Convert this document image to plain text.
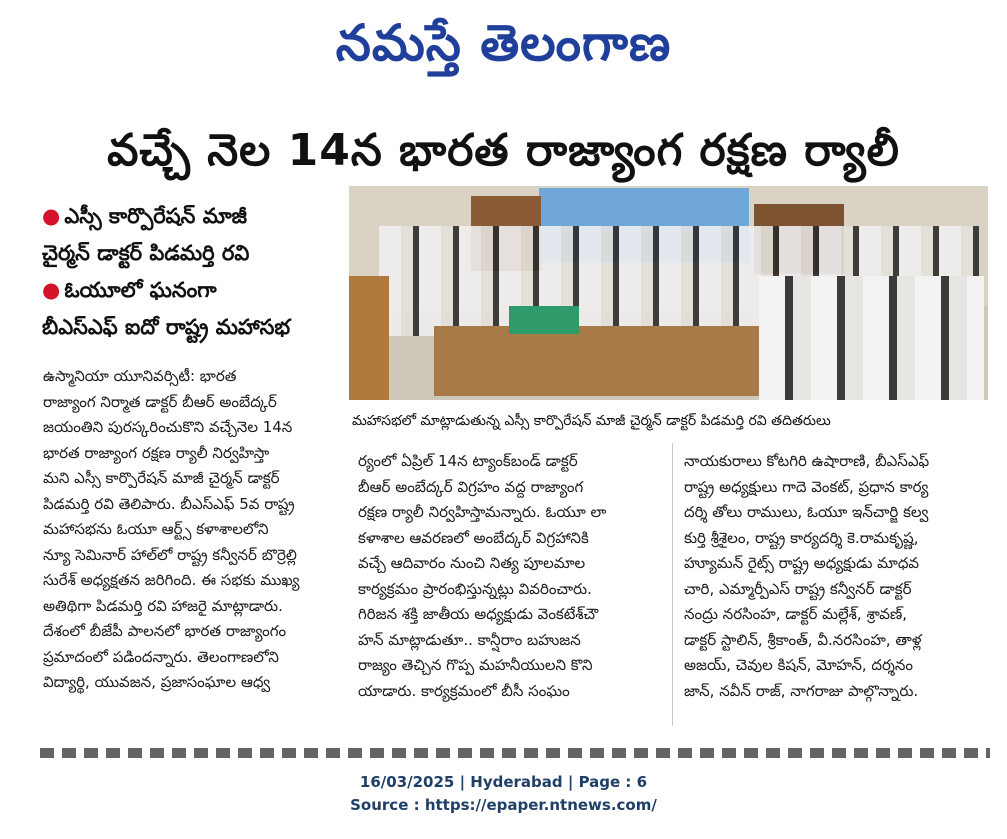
నమస్తే తెలంగాణ
వచ్చే నెల 14న భారత రాజ్యాంగ రక్షణ ర్యాలీ
● ఎస్సీ కార్పొరేషన్ మాజీ
చైర్మన్ డాక్టర్ పిడమర్తి రవి
● ఓయూలో ఘనంగా
బీఎస్‌ఎఫ్ ఐదో రాష్ట్ర మహాసభ
మహాసభలో మాట్లాడుతున్న ఎస్సీ కార్పొరేషన్ మాజీ చైర్మన్ డాక్టర్ పిడమర్తి రవి తదితరులు
ఉస్మానియా యూనివర్సిటీ: భారత
రాజ్యాంగ నిర్మాత డాక్టర్ బీఆర్ అంబేద్కర్
జయంతిని పురస్కరించుకొని వచ్చేనెల 14న
భారత రాజ్యాంగ రక్షణ ర్యాలీ నిర్వహిస్తా
మని ఎస్సీ కార్పొరేషన్ మాజీ చైర్మన్ డాక్టర్
పిడమర్తి రవి తెలిపారు. బీఎస్‌ఎఫ్ 5వ రాష్ట్ర
మహాసభను ఓయూ ఆర్ట్స్ కళాశాలలోని
న్యూ సెమినార్ హాల్‌లో రాష్ట్ర కన్వీనర్ బొర్రెల్లి
సురేశ్ అధ్యక్షతన జరిగింది. ఈ సభకు ముఖ్య
అతిథిగా పిడమర్తి రవి హాజరై మాట్లాడారు.
దేశంలో బీజేపీ పాలనలో భారత రాజ్యాంగం
ప్రమాదంలో పడిందన్నారు. తెలంగాణలోని
విద్యార్థి, యువజన, ప్రజాసంఘాల ఆధ్వ
ర్యంలో ఏప్రిల్ 14న ట్యాంక్‌బండ్ డాక్టర్
బీఆర్ అంబేద్కర్ విగ్రహం వద్ద రాజ్యాంగ
రక్షణ ర్యాలీ నిర్వహిస్తామన్నారు. ఓయూ లా
కళాశాల ఆవరణలో అంబేద్కర్ విగ్రహానికి
వచ్చే ఆదివారం నుంచి నిత్య పూలమాల
కార్యక్రమం ప్రారంభిస్తున్నట్లు వివరించారు.
గిరిజన శక్తి జాతీయ అధ్యక్షుడు వెంకటేశ్‌చౌ
హన్ మాట్లాడుతూ.. కాన్షీరాం బహుజన
రాజ్యం తెచ్చిన గొప్ప మహనీయులని కొని
యాడారు. కార్యక్రమంలో బీసీ సంఘం
నాయకురాలు కోటగిరి ఉషారాణి, బీఎస్‌ఎఫ్
రాష్ట్ర అధ్యక్షులు గాదె వెంకట్, ప్రధాన కార్య
దర్శి తోలు రాములు, ఓయూ ఇన్‌చార్జి కల్వ
కుర్తి శ్రీశైలం, రాష్ట్ర కార్యదర్శి కె.రామకృష్ణ,
హ్యూమన్ రైట్స్ రాష్ట్ర అధ్యక్షుడు మాధవ
చారి, ఎమ్మార్పీఎస్ రాష్ట్ర కన్వీనర్ డాక్టర్
నంద్రు నరసింహ, డాక్టర్ మల్లేశ్, శ్రావణ్,
డాక్టర్ స్టాలిన్, శ్రీకాంత్, వీ.నరసింహ, తాళ్ల
అజయ్, చెవుల కిషన్, మోహన్, దర్శనం
జాన్, నవీన్ రాజ్, నాగరాజు పాల్గొన్నారు.
16/03/2025 | Hyderabad | Page : 6
Source : https://epaper.ntnews.com/
